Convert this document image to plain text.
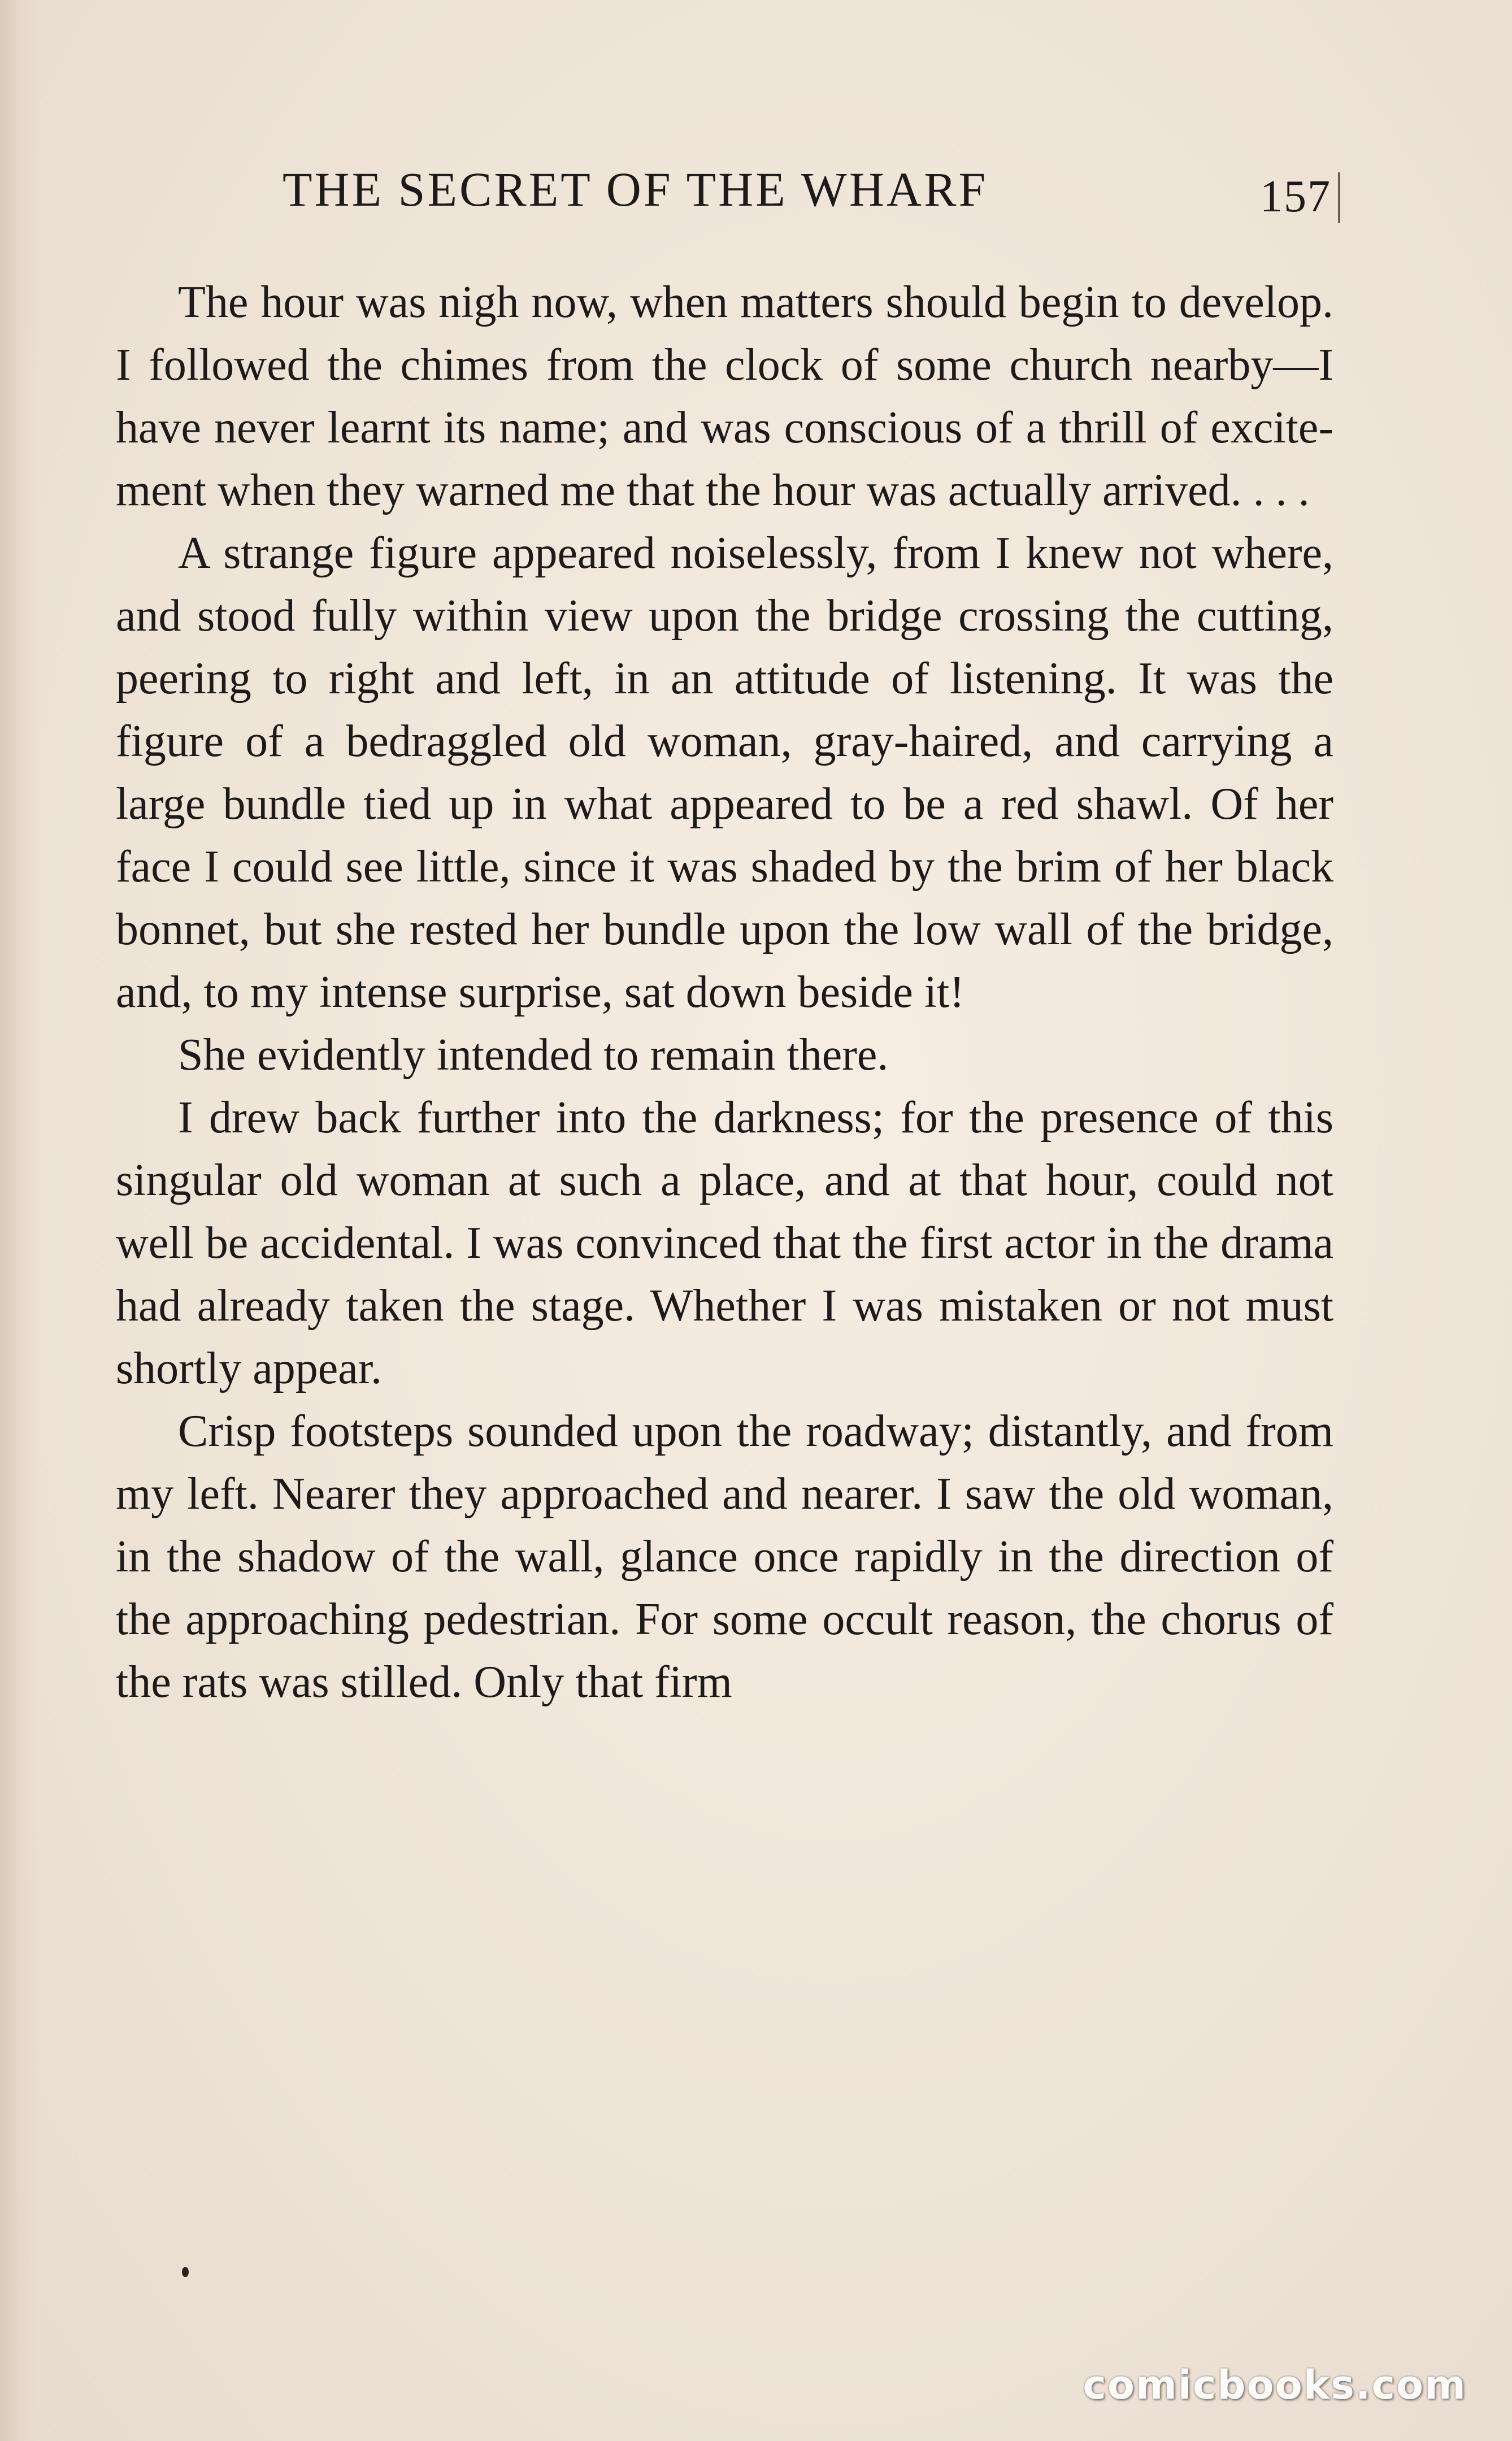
THE SECRET OF THE WHARF	157

The hour was nigh now, when matters should begin to develop. I followed the chimes from the clock of some church nearby—I have never learnt its name; and was conscious of a thrill of excitement when they warned me that the hour was actually arrived. . . .

A strange figure appeared noiselessly, from I knew not where, and stood fully within view upon the bridge crossing the cutting, peering to right and left, in an attitude of listening. It was the figure of a bedraggled old woman, gray-haired, and carrying a large bundle tied up in what appeared to be a red shawl. Of her face I could see little, since it was shaded by the brim of her black bonnet, but she rested her bundle upon the low wall of the bridge, and, to my intense surprise, sat down beside it!

She evidently intended to remain there.

I drew back further into the darkness; for the presence of this singular old woman at such a place, and at that hour, could not well be accidental. I was convinced that the first actor in the drama had already taken the stage. Whether I was mistaken or not must shortly appear.

Crisp footsteps sounded upon the roadway; distantly, and from my left. Nearer they approached and nearer. I saw the old woman, in the shadow of the wall, glance once rapidly in the direction of the approaching pedestrian. For some occult reason, the chorus of the rats was stilled. Only that firm

comicbooks.com
